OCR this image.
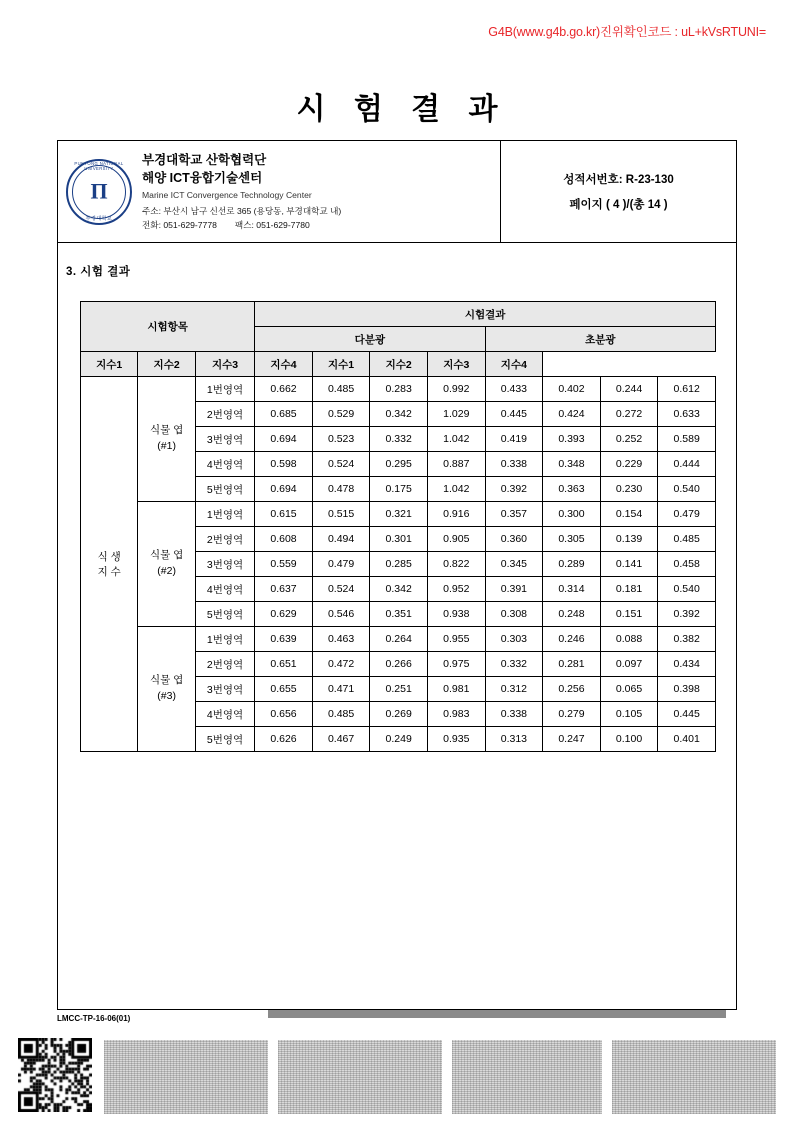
G4B(www.g4b.go.kr)진위확인코드 : uL+kVsRTUNI=
시 험 결 과
PUKYONG NATIONAL UNIVERSITY
П
부경대학교
부경대학교 산학협력단
해양 ICT융합기술센터
Marine ICT Convergence Technology Center
주소: 부산시 남구 신선로 365 (용당동, 부경대학교 내)
전화: 051-629-7778 팩스: 051-629-7780
성적서번호: R-23-130
페이지 ( 4 )/(총 14 )
3. 시험 결과
시험항목			시험결과							
			다분광				초분광			
지수1	지수2	지수3	지수4	지수1	지수2	지수3	지수4			

식 생
지 수

식물 엽
(#1)
	1번영역	0.662	0.485	0.283	0.992	0.433	0.402	0.244	0.612
		2번영역	0.685	0.529	0.342	1.029	0.445	0.424	0.272	0.633
		3번영역	0.694	0.523	0.332	1.042	0.419	0.393	0.252	0.589
		4번영역	0.598	0.524	0.295	0.887	0.338	0.348	0.229	0.444
		5번영역	0.694	0.478	0.175	1.042	0.392	0.363	0.230	0.540

	식물 엽
(#2)	1번영역	0.615	0.515	0.321	0.916	0.357	0.300	0.154	0.479
		2번영역	0.608	0.494	0.301	0.905	0.360	0.305	0.139	0.485
		3번영역	0.559	0.479	0.285	0.822	0.345	0.289	0.141	0.458
		4번영역	0.637	0.524	0.342	0.952	0.391	0.314	0.181	0.540
		5번영역	0.629	0.546	0.351	0.938	0.308	0.248	0.151	0.392

	식물 엽
(#3)	1번영역	0.639	0.463	0.264	0.955	0.303	0.246	0.088	0.382
		2번영역	0.651	0.472	0.266	0.975	0.332	0.281	0.097	0.434
		3번영역	0.655	0.471	0.251	0.981	0.312	0.256	0.065	0.398
		4번영역	0.656	0.485	0.269	0.983	0.338	0.279	0.105	0.445
		5번영역	0.626	0.467	0.249	0.935	0.313	0.247	0.100	0.401
LMCC-TP-16-06(01)
